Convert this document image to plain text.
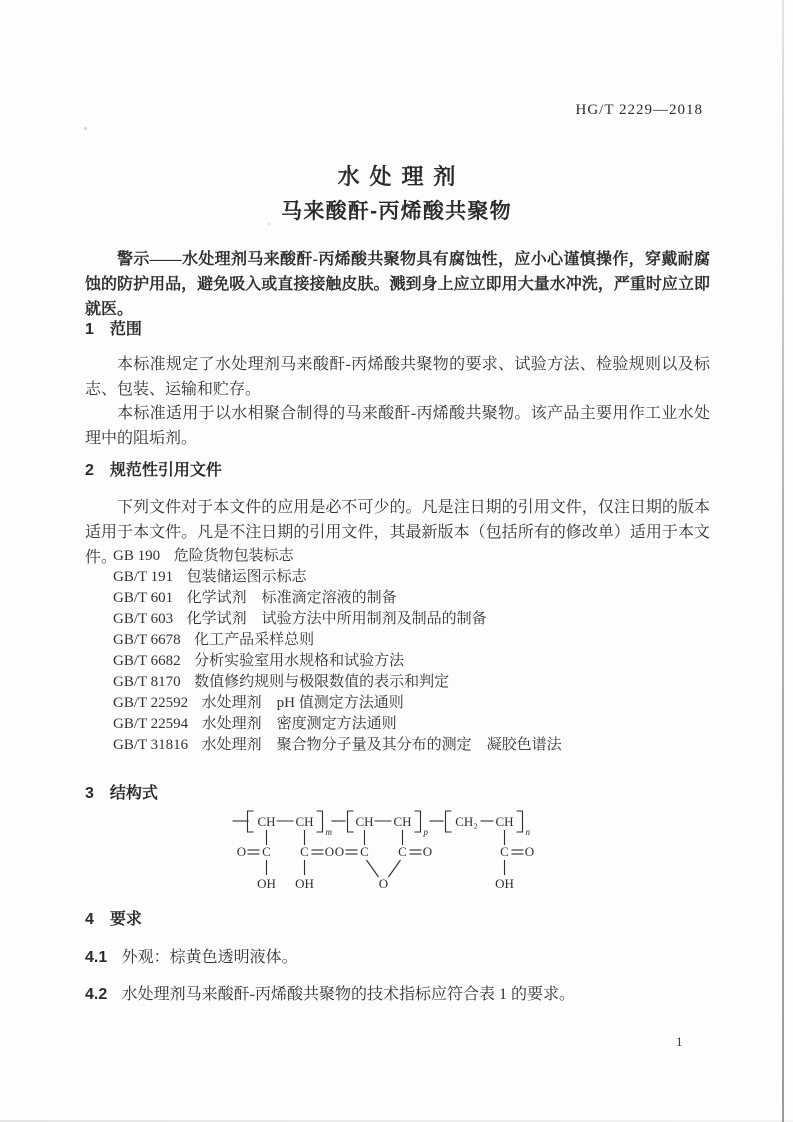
HG/T 2229—2018
水处理剂
马来酸酐-丙烯酸共聚物
警示——水处理剂马来酸酐-丙烯酸共聚物具有腐蚀性，应小心谨慎操作，穿戴耐腐蚀的防护用品，避免吸入或直接接触皮肤。溅到身上应立即用大量水冲洗，严重时应立即就医。
1 范围
本标准规定了水处理剂马来酸酐-丙烯酸共聚物的要求、试验方法、检验规则以及标志、包装、运输和贮存。
本标准适用于以水相聚合制得的马来酸酐-丙烯酸共聚物。该产品主要用作工业水处理中的阻垢剂。
2 规范性引用文件
下列文件对于本文件的应用是必不可少的。凡是注日期的引用文件，仅注日期的版本适用于本文件。凡是不注日期的引用文件，其最新版本（包括所有的修改单）适用于本文件。
GB 190 危险货物包装标志
GB/T 191 包装储运图示标志
GB/T 601 化学试剂　标准滴定溶液的制备
GB/T 603 化学试剂　试验方法中所用制剂及制品的制备
GB/T 6678 化工产品采样总则
GB/T 6682 分析实验室用水规格和试验方法
GB/T 8170 数值修约规则与极限数值的表示和判定
GB/T 22592 水处理剂　pH 值测定方法通则
GB/T 22594 水处理剂　密度测定方法通则
GB/T 31816 水处理剂　聚合物分子量及其分布的测定　凝胶色谱法
3 结构式
CH CH
m
O C C O
OH OH
CH CH
p
O C C O
O
CH₂ CH
n
C O
OH
4 要求
4.1 外观：棕黄色透明液体。
4.2 水处理剂马来酸酐-丙烯酸共聚物的技术指标应符合表 1 的要求。
1
